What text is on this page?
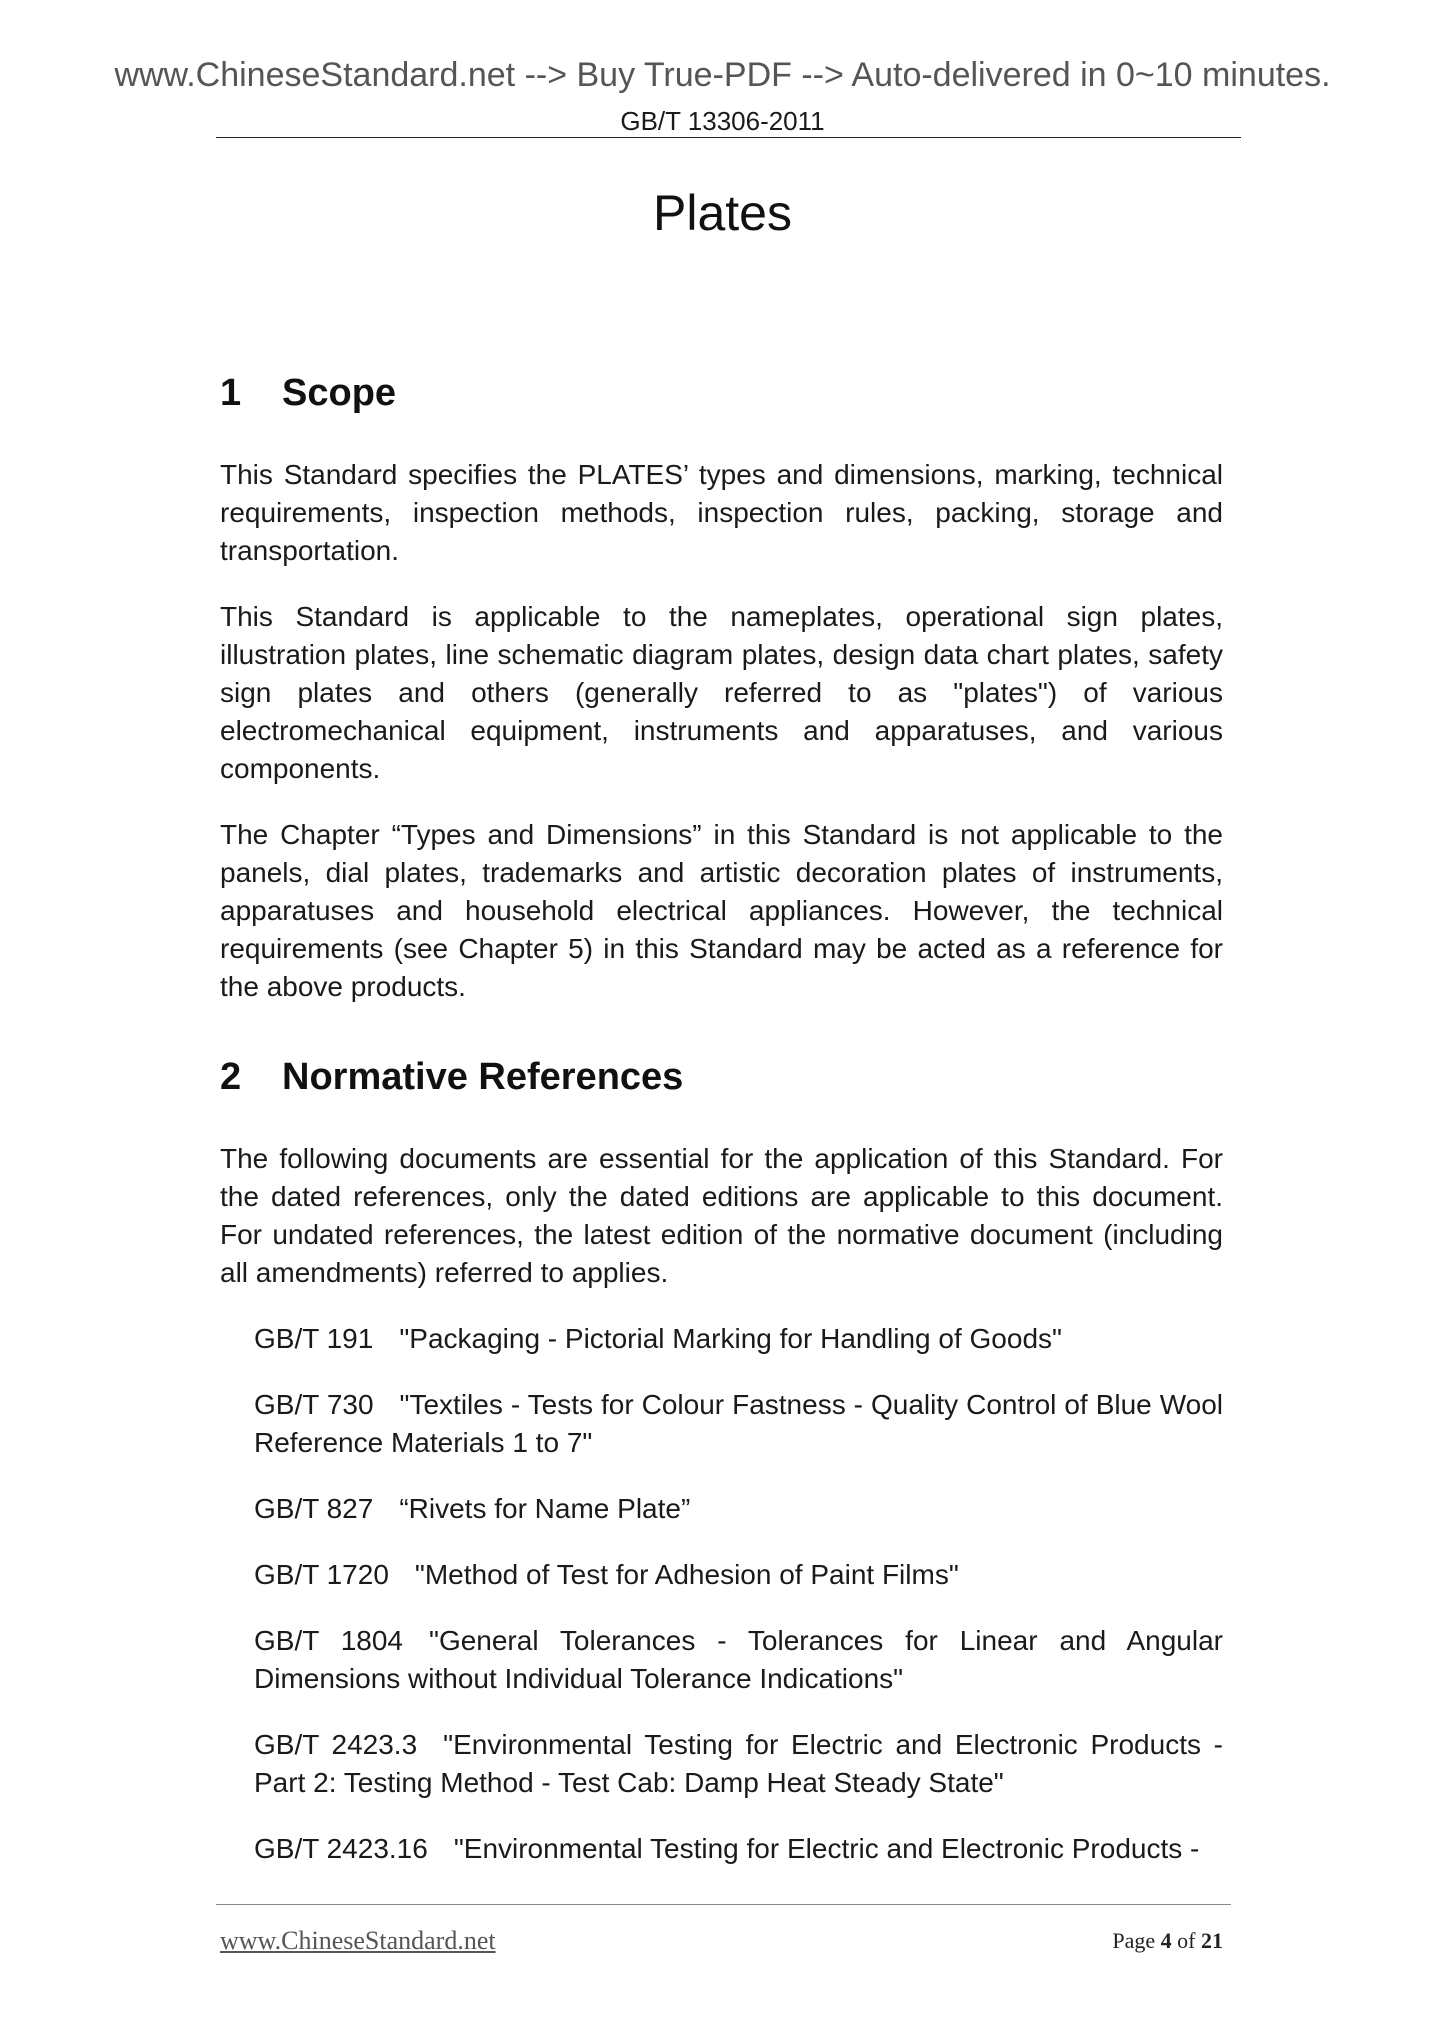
www.ChineseStandard.net --> Buy True-PDF --> Auto-delivered in 0~10 minutes.
GB/T 13306-2011
Plates
1 Scope

This Standard specifies the PLATES’ types and dimensions, marking, technical requirements, inspection methods, inspection rules, packing, storage and transportation.

This Standard is applicable to the nameplates, operational sign plates, illustration plates, line schematic diagram plates, design data chart plates, safety sign plates and others (generally referred to as "plates") of various electromechanical equipment, instruments and apparatuses, and various components.

The Chapter “Types and Dimensions” in this Standard is not applicable to the panels, dial plates, trademarks and artistic decoration plates of instruments, apparatuses and household electrical appliances. However, the technical requirements (see Chapter 5) in this Standard may be acted as a reference for the above products.

2 Normative References

The following documents are essential for the application of this Standard. For the dated references, only the dated editions are applicable to this document. For undated references, the latest edition of the normative document (including all amendments) referred to applies.

GB/T 191 "Packaging - Pictorial Marking for Handling of Goods"

GB/T 730 "Textiles - Tests for Colour Fastness - Quality Control of Blue Wool Reference Materials 1 to 7"

GB/T 827 “Rivets for Name Plate”

GB/T 1720 "Method of Test for Adhesion of Paint Films"

GB/T 1804 "General Tolerances - Tolerances for Linear and Angular Dimensions without Individual Tolerance Indications"

GB/T 2423.3 "Environmental Testing for Electric and Electronic Products - Part 2: Testing Method - Test Cab: Damp Heat Steady State"

GB/T 2423.16 "Environmental Testing for Electric and Electronic Products -

www.ChineseStandard.net	Page 4 of 21
